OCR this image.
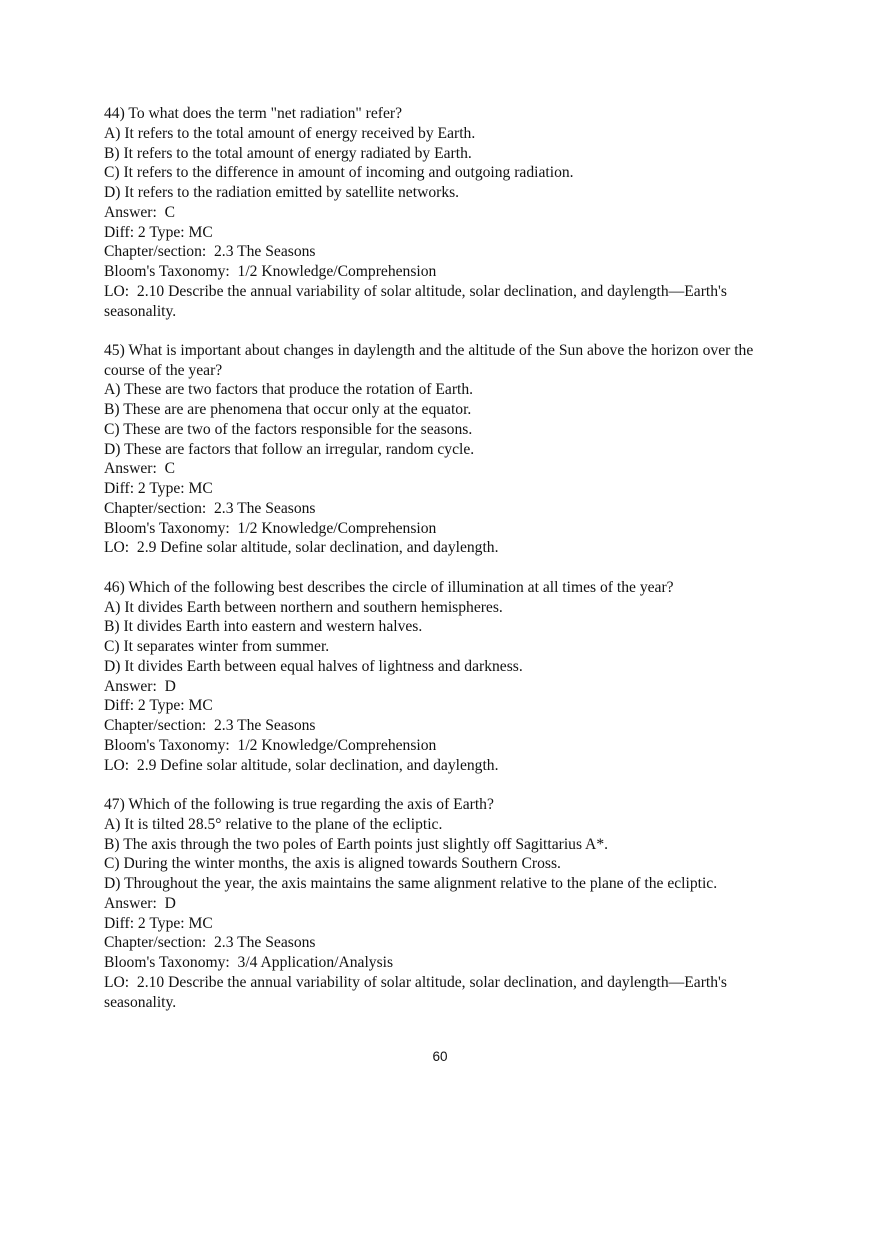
44) To what does the term "net radiation" refer?
A) It refers to the total amount of energy received by Earth.
B) It refers to the total amount of energy radiated by Earth.
C) It refers to the difference in amount of incoming and outgoing radiation.
D) It refers to the radiation emitted by satellite networks.
Answer:  C
Diff: 2 Type: MC
Chapter/section:  2.3 The Seasons
Bloom's Taxonomy:  1/2 Knowledge/Comprehension
LO:  2.10 Describe the annual variability of solar altitude, solar declination, and daylength—Earth's seasonality.
45) What is important about changes in daylength and the altitude of the Sun above the horizon over the course of the year?
A) These are two factors that produce the rotation of Earth.
B) These are are phenomena that occur only at the equator.
C) These are two of the factors responsible for the seasons.
D) These are factors that follow an irregular, random cycle.
Answer:  C
Diff: 2 Type: MC
Chapter/section:  2.3 The Seasons
Bloom's Taxonomy:  1/2 Knowledge/Comprehension
LO:  2.9 Define solar altitude, solar declination, and daylength.
46) Which of the following best describes the circle of illumination at all times of the year?
A) It divides Earth between northern and southern hemispheres.
B) It divides Earth into eastern and western halves.
C) It separates winter from summer.
D) It divides Earth between equal halves of lightness and darkness.
Answer:  D
Diff: 2 Type: MC
Chapter/section:  2.3 The Seasons
Bloom's Taxonomy:  1/2 Knowledge/Comprehension
LO:  2.9 Define solar altitude, solar declination, and daylength.
47) Which of the following is true regarding the axis of Earth?
A) It is tilted 28.5° relative to the plane of the ecliptic.
B) The axis through the two poles of Earth points just slightly off Sagittarius A*.
C) During the winter months, the axis is aligned towards Southern Cross.
D) Throughout the year, the axis maintains the same alignment relative to the plane of the ecliptic.
Answer:  D
Diff: 2 Type: MC
Chapter/section:  2.3 The Seasons
Bloom's Taxonomy:  3/4 Application/Analysis
LO:  2.10 Describe the annual variability of solar altitude, solar declination, and daylength—Earth's seasonality.
60
